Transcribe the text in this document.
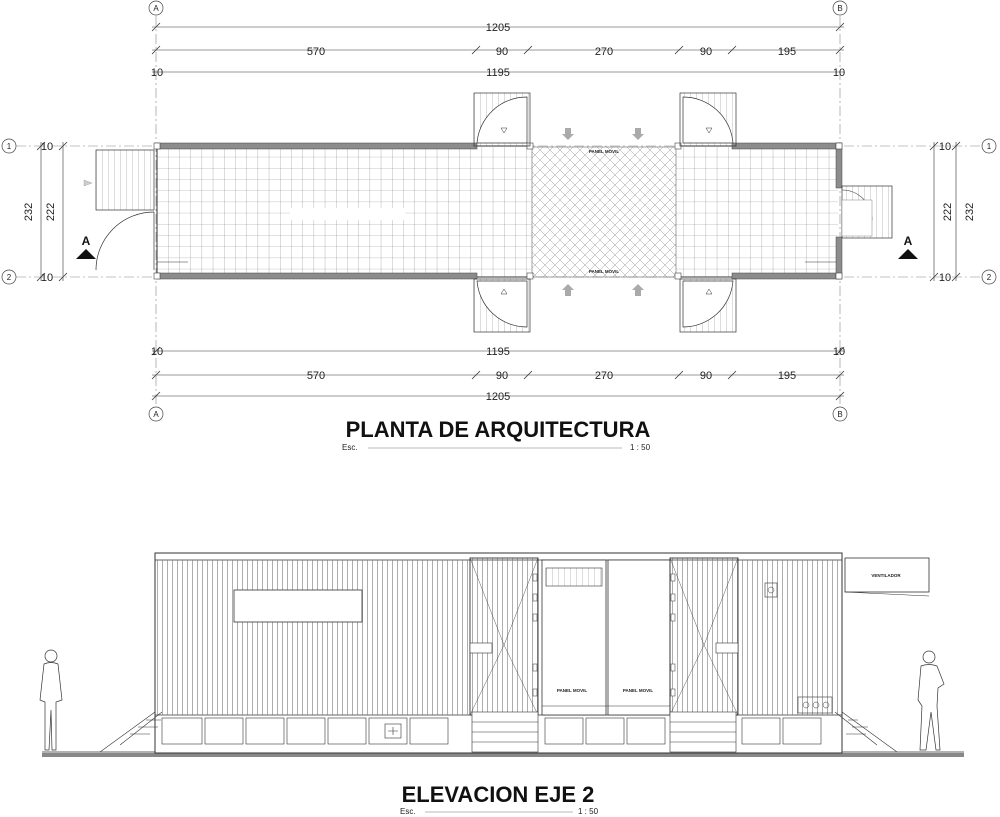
A	B
A	B
1
2
1
2
1205
570	90	270	90	195
10	1195	10
10	1195	10
570	90	270	90	195
1205
10
10
10
10
232 222	222 232
A	A
PANEL MOVIL
PANEL MOVIL
PLANTA DE ARQUITECTURA
Esc.	1 : 50
PANEL MOVIL	PANEL MOVIL
VENTILADOR
ELEVACION EJE 2
Esc.	1 : 50
